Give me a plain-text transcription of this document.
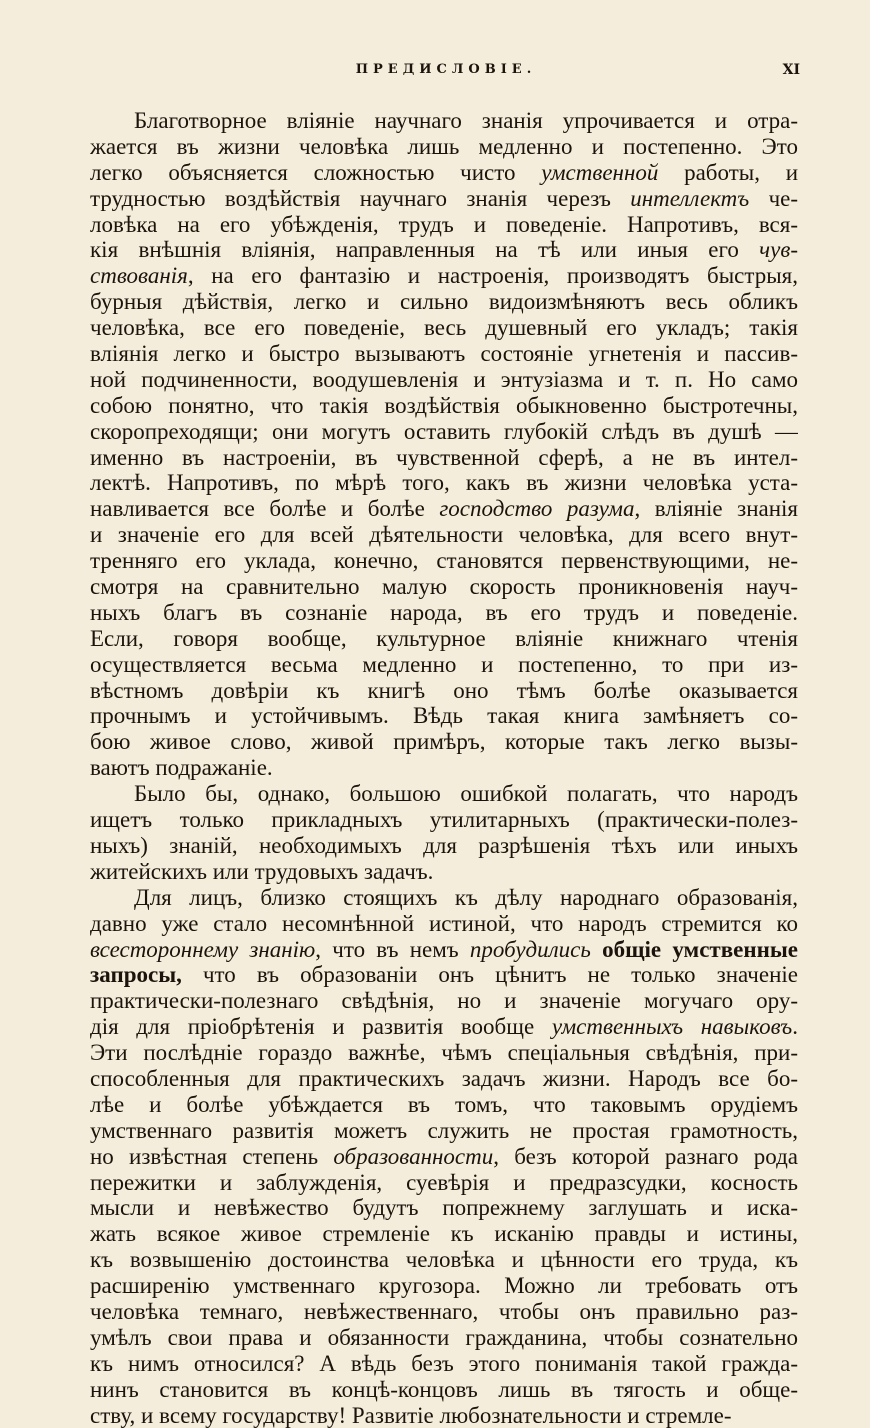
ПРЕДИСЛОВІЕ.	XI
Благотворное вліяніе научнаго знанія упрочивается и отра-
жается въ жизни человѣка лишь медленно и постепенно. Это
легко объясняется сложностью чисто умственной работы, и
трудностью воздѣйствія научнаго знанія черезъ интеллектъ че-
ловѣка на его убѣжденія, трудъ и поведеніе. Напротивъ, вся-
кія внѣшнія вліянія, направленныя на тѣ или иныя его чув-
ствованія, на его фантазію и настроенія, производятъ быстрыя,
бурныя дѣйствія, легко и сильно видоизмѣняютъ весь обликъ
человѣка, все его поведеніе, весь душевный его укладъ; такія
вліянія легко и быстро вызываютъ состояніе угнетенія и пассив-
ной подчиненности, воодушевленія и энтузіазма и т. п. Но само
собою понятно, что такія воздѣйствія обыкновенно быстротечны,
скоропреходящи; они могутъ оставить глубокій слѣдъ въ душѣ —
именно въ настроеніи, въ чувственной сферѣ, а не въ интел-
лектѣ. Напротивъ, по мѣрѣ того, какъ въ жизни человѣка уста-
навливается все болѣе и болѣе господство разума, вліяніе знанія
и значеніе его для всей дѣятельности человѣка, для всего внут-
тренняго его уклада, конечно, становятся первенствующими, не-
смотря на сравнительно малую скорость проникновенія науч-
ныхъ благъ въ сознаніе народа, въ его трудъ и поведеніе.
Если, говоря вообще, культурное вліяніе книжнаго чтенія
осуществляется весьма медленно и постепенно, то при из-
вѣстномъ довѣріи къ книгѣ оно тѣмъ болѣе оказывается
прочнымъ и устойчивымъ. Вѣдь такая книга замѣняетъ со-
бою живое слово, живой примѣръ, которые такъ легко вызы-
ваютъ подражаніе.
Было бы, однако, большою ошибкой полагать, что народъ
ищетъ только прикладныхъ утилитарныхъ (практически-полез-
ныхъ) знаній, необходимыхъ для разрѣшенія тѣхъ или иныхъ
житейскихъ или трудовыхъ задачъ.
Для лицъ, близко стоящихъ къ дѣлу народнаго образованія,
давно уже стало несомнѣнной истиной, что народъ стремится ко
всестороннему знанію, что въ немъ пробудились общіе умственные
запросы, что въ образованіи онъ цѣнитъ не только значеніе
практически-полезнаго свѣдѣнія, но и значеніе могучаго ору-
дія для пріобрѣтенія и развитія вообще умственныхъ навыковъ.
Эти послѣдніе гораздо важнѣе, чѣмъ спеціальныя свѣдѣнія, при-
способленныя для практическихъ задачъ жизни. Народъ все бо-
лѣе и болѣе убѣждается въ томъ, что таковымъ орудіемъ
умственнаго развитія можетъ служить не простая грамотность,
но извѣстная степень образованности, безъ которой разнаго рода
пережитки и заблужденія, суевѣрія и предразсудки, косность
мысли и невѣжество будутъ попрежнему заглушать и иска-
жать всякое живое стремленіе къ исканію правды и истины,
къ возвышенію достоинства человѣка и цѣнности его труда, къ
расширенію умственнаго кругозора. Можно ли требовать отъ
человѣка темнаго, невѣжественнаго, чтобы онъ правильно раз-
умѣлъ свои права и обязанности гражданина, чтобы сознательно
къ нимъ относился? А вѣдь безъ этого пониманія такой гражда-
нинъ становится въ концѣ-концовъ лишь въ тягость и обще-
ству, и всему государству! Развитіе любознательности и стремле-
